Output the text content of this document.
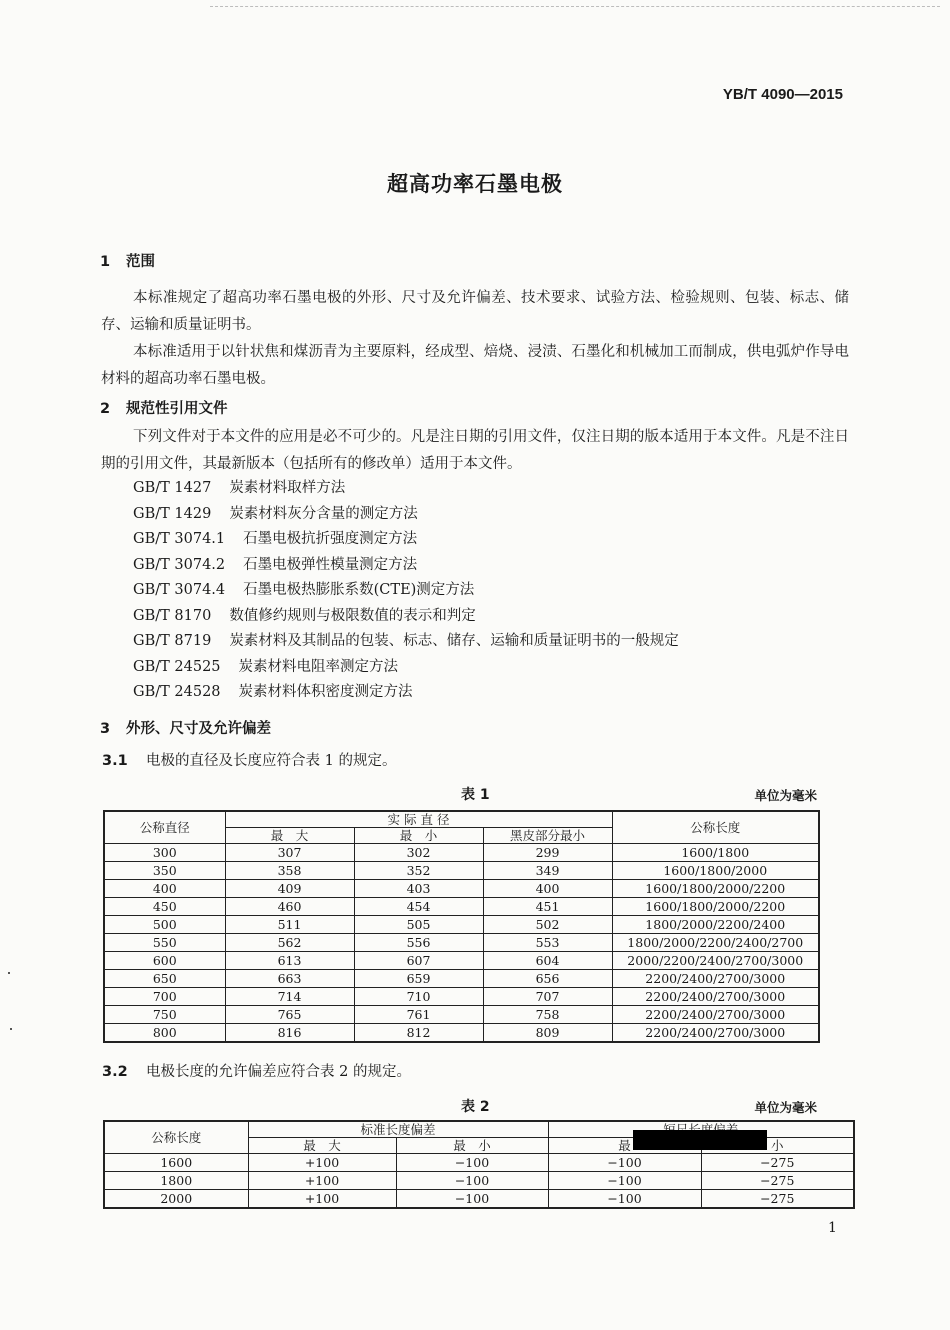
YB/T 4090—2015
超高功率石墨电极
1 范围

本标准规定了超高功率石墨电极的外形、尺寸及允许偏差、技术要求、试验方法、检验规则、包装、标志、储存、运输和质量证明书。

本标准适用于以针状焦和煤沥青为主要原料，经成型、焙烧、浸渍、石墨化和机械加工而制成，供电弧炉作导电材料的超高功率石墨电极。

2 规范性引用文件

下列文件对于本文件的应用是必不可少的。凡是注日期的引用文件，仅注日期的版本适用于本文件。凡是不注日期的引用文件，其最新版本（包括所有的修改单）适用于本文件。

GB/T 1427 炭素材料取样方法
GB/T 1429 炭素材料灰分含量的测定方法
GB/T 3074.1 石墨电极抗折强度测定方法
GB/T 3074.2 石墨电极弹性模量测定方法
GB/T 3074.4 石墨电极热膨胀系数(CTE)测定方法
GB/T 8170 数值修约规则与极限数值的表示和判定
GB/T 8719 炭素材料及其制品的包装、标志、储存、运输和质量证明书的一般规定
GB/T 24525 炭素材料电阻率测定方法
GB/T 24528 炭素材料体积密度测定方法
3 外形、尺寸及允许偏差
3.1 电极的直径及长度应符合表 1 的规定。
表 1	单位为毫米
公称直径	实 际 直 径			公称长度
	最　大	最　小	黑皮部分最小	
300	307	302	299	1600/1800
350	358	352	349	1600/1800/2000
400	409	403	400	1600/1800/2000/2200
450	460	454	451	1600/1800/2000/2200
500	511	505	502	1800/2000/2200/2400
550	562	556	553	1800/2000/2200/2400/2700
600	613	607	604	2000/2200/2400/2700/3000
650	663	659	656	2200/2400/2700/3000
700	714	710	707	2200/2400/2700/3000
750	765	761	758	2200/2400/2700/3000
800	816	812	809	2200/2400/2700/3000
3.2 电极长度的允许偏差应符合表 2 的规定。
表 2	单位为毫米
公称长度	标准长度偏差	
	最　大	最　小	最	小
1600	+100	−100	−100	−275
1800	+100	−100	−100	−275
2000	+100	−100	−100	−275
1
